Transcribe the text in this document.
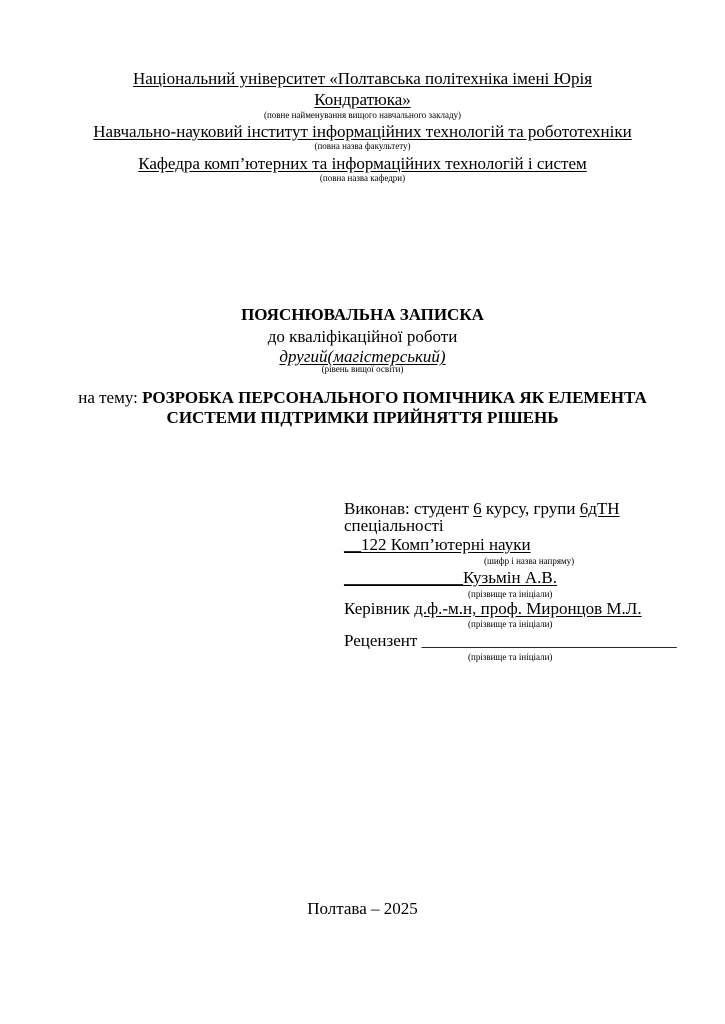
Національний університет «Полтавська політехніка імені Юрія
Кондратюка»
(повне найменування вищого навчального закладу)
Навчально-науковий інститут інформаційних технологій та робототехніки
(повна назва факультету)
Кафедра комп’ютерних та інформаційних технологій і систем
(повна назва кафедри)
ПОЯСНЮВАЛЬНА ЗАПИСКА
до кваліфікаційної роботи
другий(магістерський)
(рівень вищої освіти)
на тему: РОЗРОБКА ПЕРСОНАЛЬНОГО ПОМІЧНИКА ЯК ЕЛЕМЕНТА
СИСТЕМИ ПІДТРИМКИ ПРИЙНЯТТЯ РІШЕНЬ
Виконав: студент 6 курсу, групи 6дТН
спеціальності
__122 Комп’ютерні науки
(шифр і назва напряму)
______________Кузьмін А.В.
(прізвище та ініціали)
Керівник д.ф.-м.н, проф. Миронцов М.Л.
(прізвище та ініціали)
Рецензент ______________________________
(прізвище та ініціали)
Полтава – 2025
